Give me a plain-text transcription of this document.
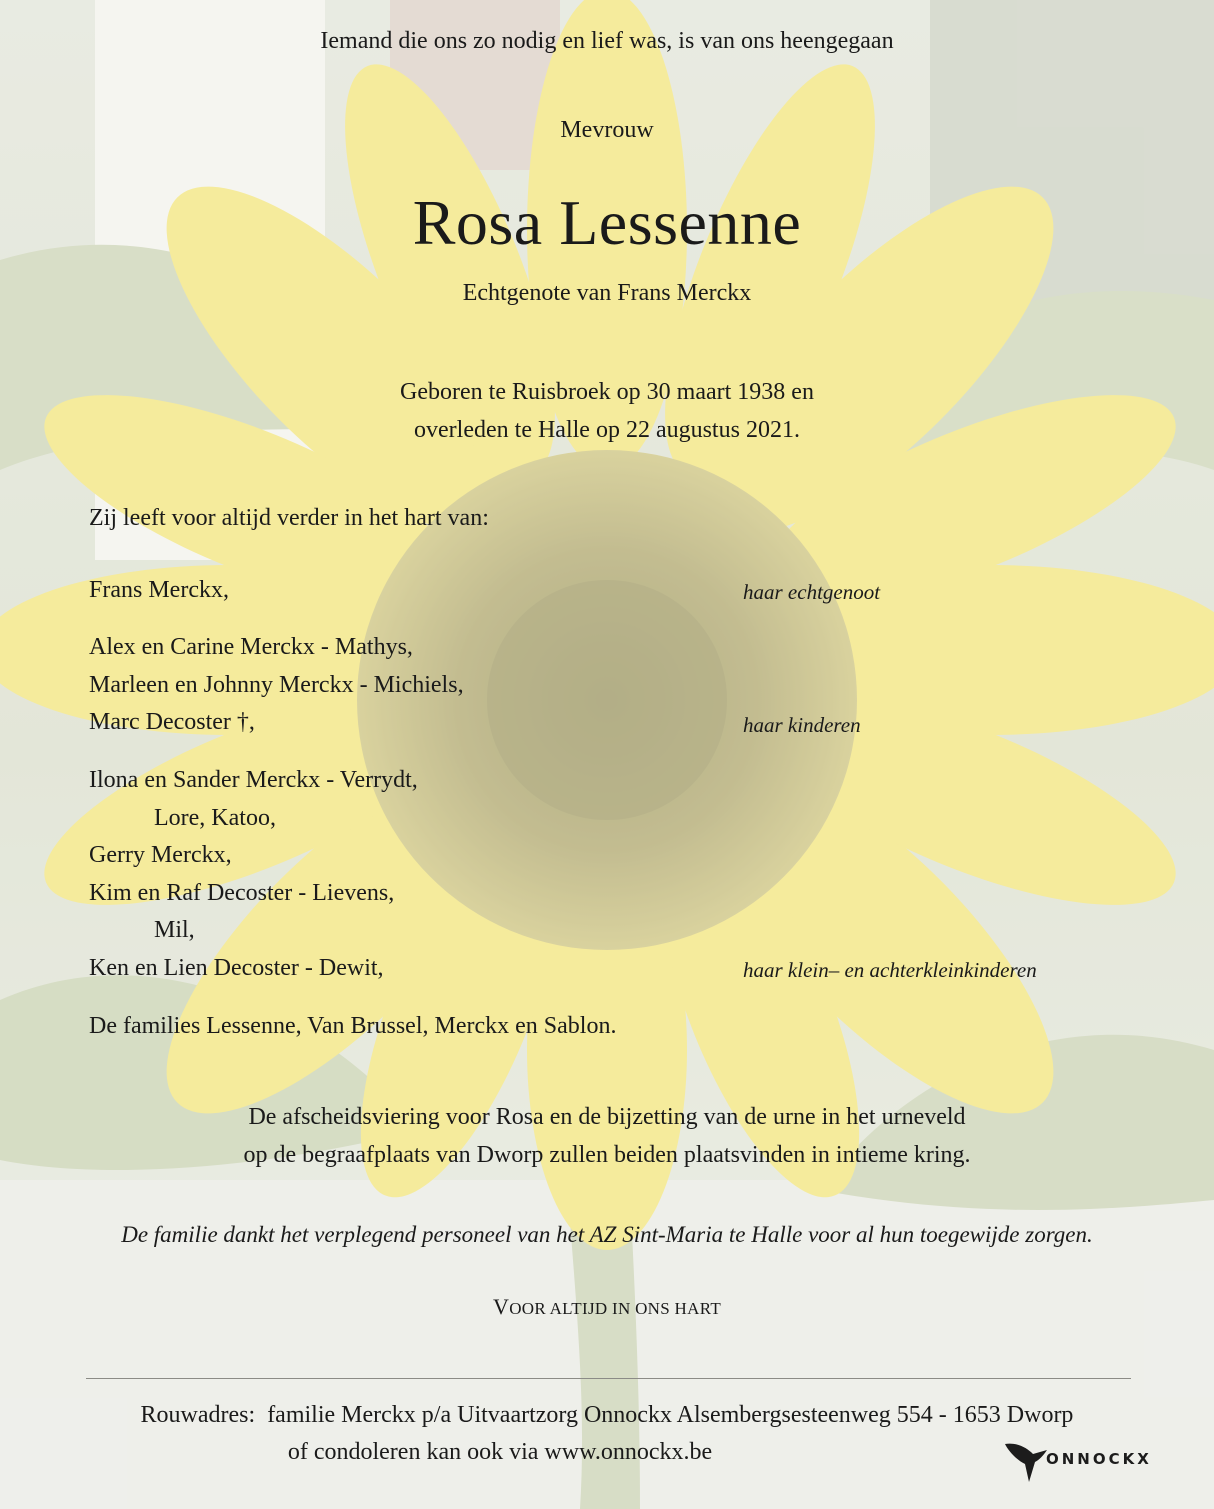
Iemand die ons zo nodig en lief was, is van ons heengegaan
Mevrouw
Rosa Lessenne
Echtgenote van Frans Merckx
Geboren te Ruisbroek op 30 maart 1938 en
overleden te Halle op 22 augustus 2021.
Zij leeft voor altijd verder in het hart van:
Frans Merckx,	haar echtgenoot
Alex en Carine Merckx - Mathys,
Marleen en Johnny Merckx - Michiels,
Marc Decoster †,	haar kinderen
Ilona en Sander Merckx - Verrydt,
Lore, Katoo,
Gerry Merckx,
Kim en Raf Decoster - Lievens,
Mil,
Ken en Lien Decoster - Dewit,	haar klein– en achterkleinkinderen
De families Lessenne, Van Brussel, Merckx en Sablon.
De afscheidsviering voor Rosa en de bijzetting van de urne in het urneveld
op de begraafplaats van Dworp zullen beiden plaatsvinden in intieme kring.
De familie dankt het verplegend personeel van het AZ Sint-Maria te Halle voor al hun toegewijde zorgen.
VOOR ALTIJD IN ONS HART
Rouwadres:  familie Merckx p/a Uitvaartzorg Onnockx Alsembergsesteenweg 554 - 1653 Dworp
of condoleren kan ook via www.onnockx.be	ONNOCKX
